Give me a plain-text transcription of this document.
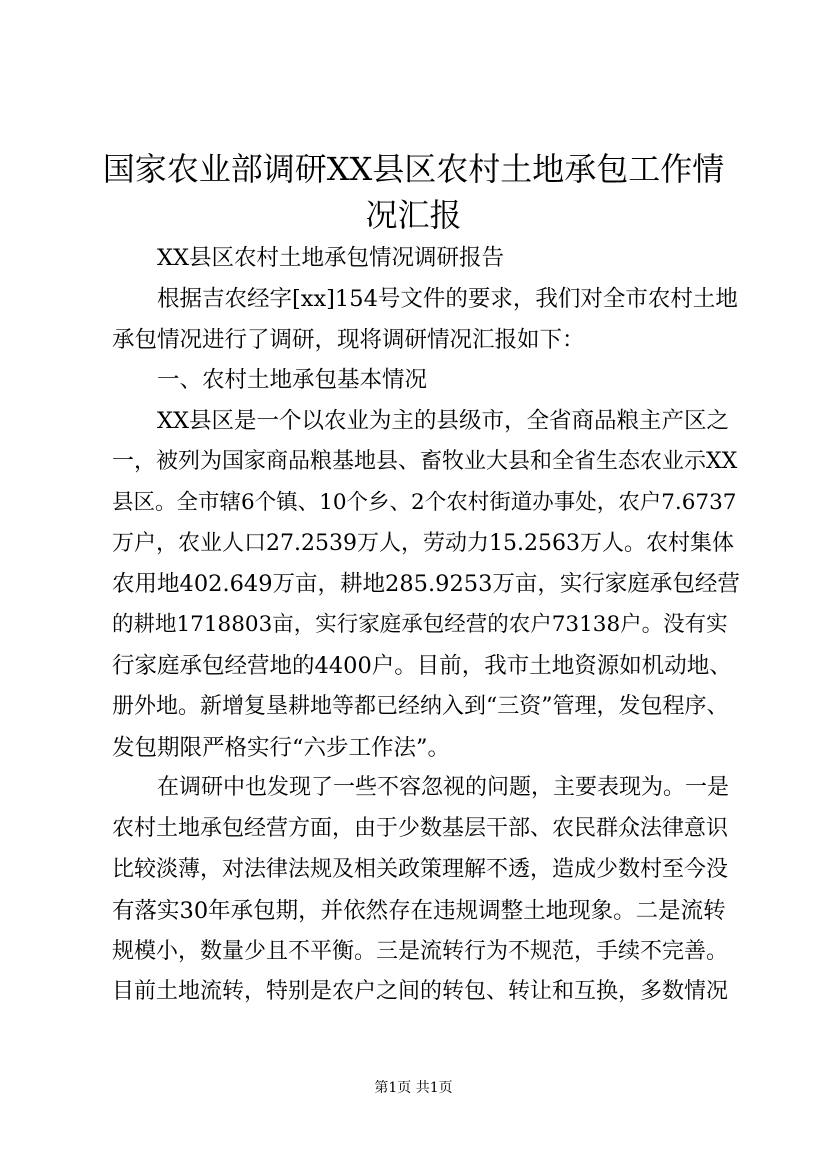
国家农业部调研XX县区农村土地承包工作情
况汇报
XX县区农村土地承包情况调研报告
根据吉农经字[xx]154号文件的要求，我们对全市农村土地
承包情况进行了调研，现将调研情况汇报如下：
一、农村土地承包基本情况
XX县区是一个以农业为主的县级市，全省商品粮主产区之
一，被列为国家商品粮基地县、畜牧业大县和全省生态农业示XX
县区。全市辖6个镇、10个乡、2个农村街道办事处，农户7.6737
万户，农业人口27.2539万人，劳动力15.2563万人。农村集体
农用地402.649万亩，耕地285.9253万亩，实行家庭承包经营
的耕地1718803亩，实行家庭承包经营的农户73138户。没有实
行家庭承包经营地的4400户。目前，我市土地资源如机动地、
册外地。新增复垦耕地等都已经纳入到“三资”管理，发包程序、
发包期限严格实行“六步工作法”。
在调研中也发现了一些不容忽视的问题，主要表现为。一是
农村土地承包经营方面，由于少数基层干部、农民群众法律意识
比较淡薄，对法律法规及相关政策理解不透，造成少数村至今没
有落实30年承包期，并依然存在违规调整土地现象。二是流转
规模小，数量少且不平衡。三是流转行为不规范，手续不完善。
目前土地流转，特别是农户之间的转包、转让和互换，多数情况
第1页 共1页
